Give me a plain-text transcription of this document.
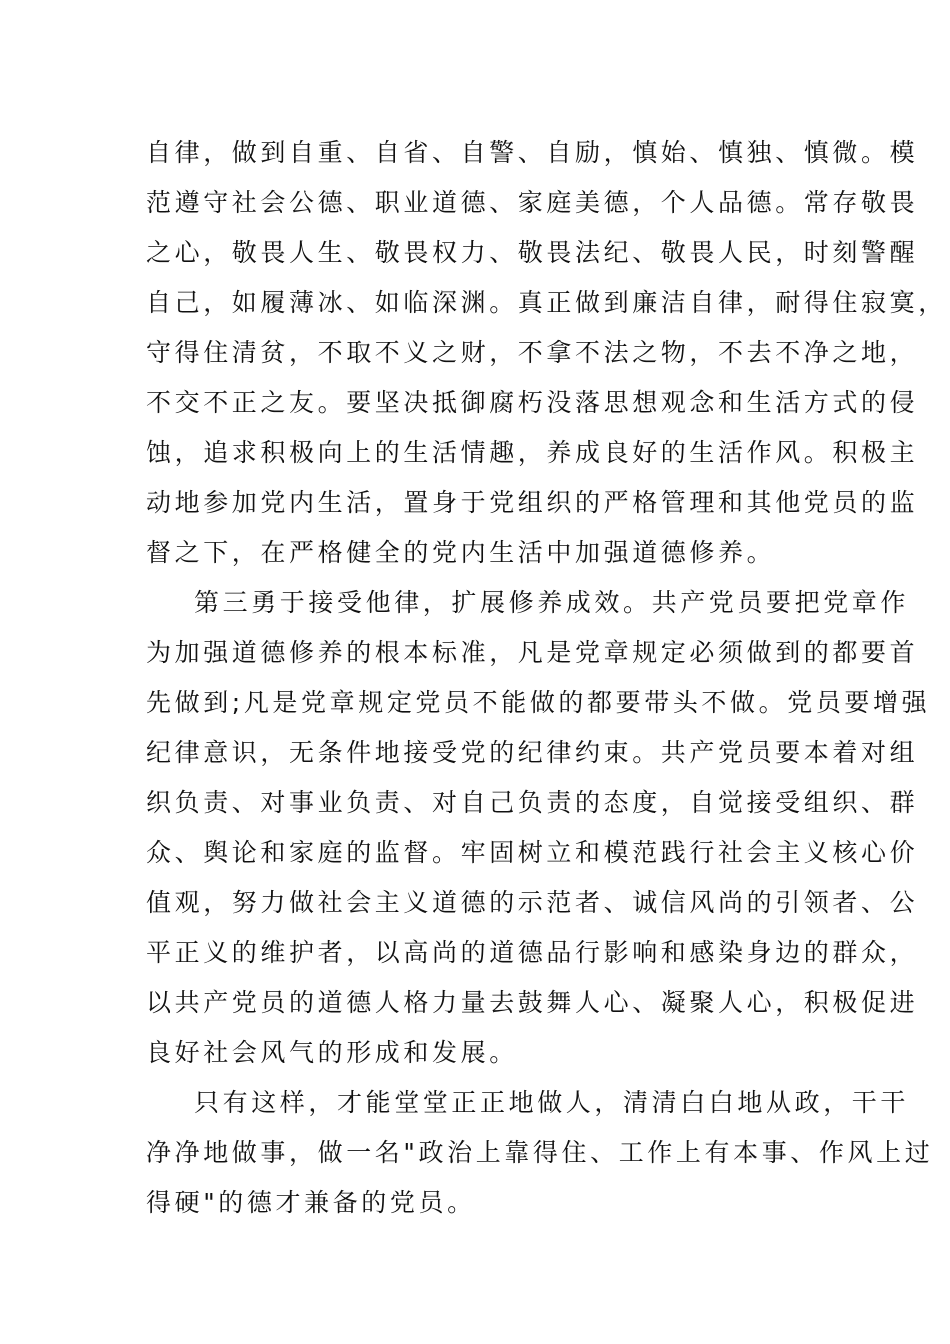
自律，做到自重、自省、自警、自励，慎始、慎独、慎微。模
范遵守社会公德、职业道德、家庭美德，个人品德。常存敬畏
之心，敬畏人生、敬畏权力、敬畏法纪、敬畏人民，时刻警醒
自己，如履薄冰、如临深渊。真正做到廉洁自律，耐得住寂寞，
守得住清贫，不取不义之财，不拿不法之物，不去不净之地，
不交不正之友。要坚决抵御腐朽没落思想观念和生活方式的侵
蚀，追求积极向上的生活情趣，养成良好的生活作风。积极主
动地参加党内生活，置身于党组织的严格管理和其他党员的监
督之下，在严格健全的党内生活中加强道德修养。
第三勇于接受他律，扩展修养成效。共产党员要把党章作
为加强道德修养的根本标准，凡是党章规定必须做到的都要首
先做到;凡是党章规定党员不能做的都要带头不做。党员要增强
纪律意识，无条件地接受党的纪律约束。共产党员要本着对组
织负责、对事业负责、对自己负责的态度，自觉接受组织、群
众、舆论和家庭的监督。牢固树立和模范践行社会主义核心价
值观，努力做社会主义道德的示范者、诚信风尚的引领者、公
平正义的维护者，以高尚的道德品行影响和感染身边的群众，
以共产党员的道德人格力量去鼓舞人心、凝聚人心，积极促进
良好社会风气的形成和发展。
只有这样，才能堂堂正正地做人，清清白白地从政，干干
净净地做事，做一名"政治上靠得住、工作上有本事、作风上过
得硬"的德才兼备的党员。
